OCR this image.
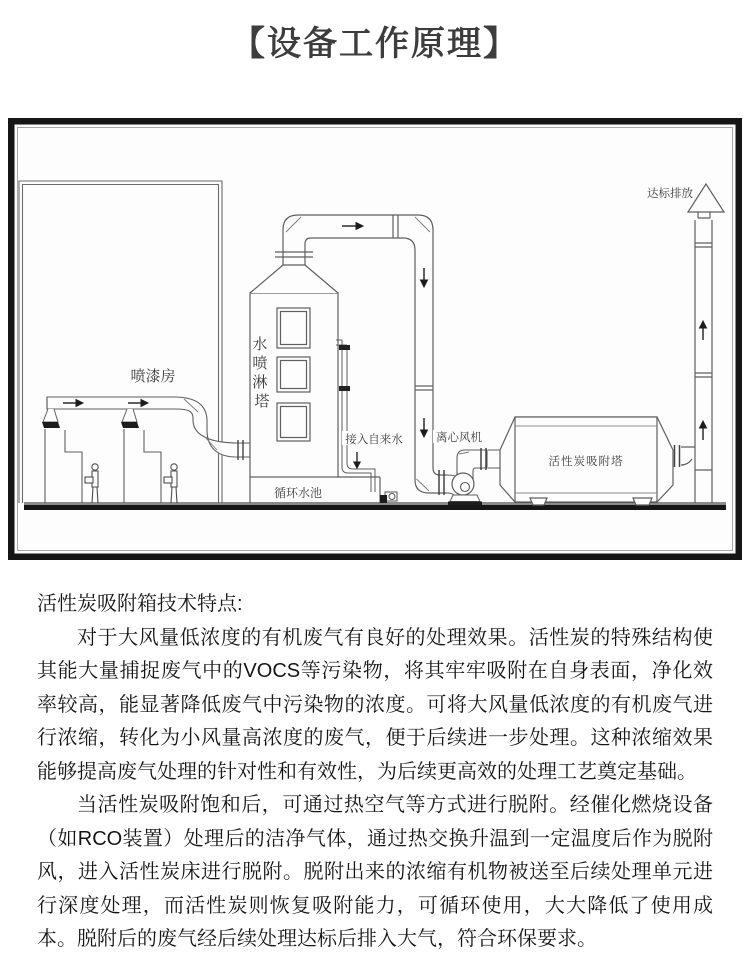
【设备工作原理】
喷漆房
水 喷 淋 塔
接入自来水
循环水池
离心风机
活性炭吸附塔
达标排放
活性炭吸附箱技术特点:

对于大风量低浓度的有机废气有良好的处理效果。活性炭的特殊结构使其能大量捕捉废气中的VOCS等污染物，将其牢牢吸附在自身表面，净化效率较高，能显著降低废气中污染物的浓度。可将大风量低浓度的有机废气进行浓缩，转化为小风量高浓度的废气，便于后续进一步处理。这种浓缩效果能够提高废气处理的针对性和有效性，为后续更高效的处理工艺奠定基础。

当活性炭吸附饱和后，可通过热空气等方式进行脱附。经催化燃烧设备（如RCO装置）处理后的洁净气体，通过热交换升温到一定温度后作为脱附风，进入活性炭床进行脱附。脱附出来的浓缩有机物被送至后续处理单元进行深度处理，而活性炭则恢复吸附能力，可循环使用，大大降低了使用成本。脱附后的废气经后续处理达标后排入大气，符合环保要求。
